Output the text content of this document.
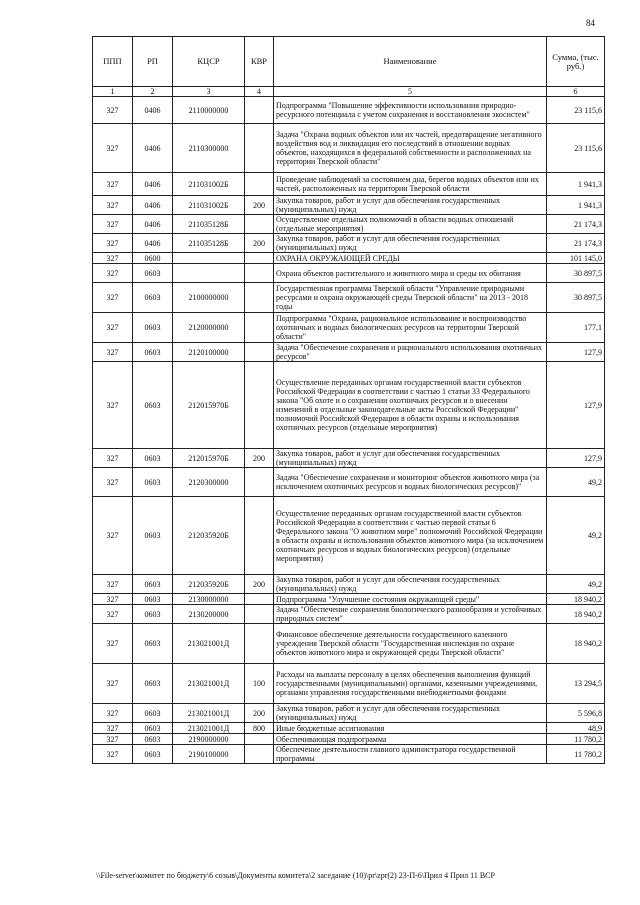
84
ППП	РП	КЦСР	КВР	Наименование	Сумма, (тыс. руб.)
1	2	3	4	5	6
327	0406	2110000000		Подпрограмма "Повышение эффективности использования природно-ресурсного потенциала с учетом сохранения и восстановления экосистем"	23 115,6
327	0406	2110300000		Задача "Охрана водных объектов или их частей, предотвращение негативного воздействия вод и ликвидация его последствий в отношении водных объектов, находящихся в федеральной собственности и расположенных на территории Тверской области"	23 115,6
327	0406	211031002Б		Проведение наблюдений за состоянием дна, берегов водных объектов или их частей, расположенных на территории Тверской области	1 941,3
327	0406	211031002Б	200	Закупка товаров, работ и услуг для обеспечения государственных (муниципальных) нужд	1 941,3
327	0406	211035128Б		Осуществление отдельных полномочий в области водных отношений (отдельные мероприятия)	21 174,3
327	0406	211035128Б	200	Закупка товаров, работ и услуг для обеспечения государственных (муниципальных) нужд	21 174,3
327	0600			ОХРАНА ОКРУЖАЮЩЕЙ СРЕДЫ	101 145,0
327	0603			Охрана объектов растительного и животного мира и среды их обитания	30 897,5
327	0603	2100000000		Государственная программа Тверской области "Управление природными ресурсами и охрана окружающей среды Тверской области" на 2013 - 2018 годы	30 897,5
327	0603	2120000000		Подпрограмма "Охрана, рациональное использование и воспроизводство охотничьих и водных биологических ресурсов на территории Тверской области"	177,1
327	0603	2120100000		Задача "Обеспечение сохранения и рационального использования охотничьих ресурсов"	127,9
327	0603	212015970Б		Осуществление переданных органам государственной власти субъектов Российской Федерации в соответствии с частью 1 статьи 33 Федерального закона "Об охоте и о сохранении охотничьих ресурсов и о внесении изменений в отдельные законодательные акты Российской Федерации" полномочий Российской Федерации в области охраны и использования охотничьих ресурсов (отдельные мероприятия)	127,9
327	0603	212015970Б	200	Закупка товаров, работ и услуг для обеспечения государственных (муниципальных) нужд	127,9
327	0603	2120300000		Задача "Обеспечение сохранения и мониторинг объектов животного мира (за исключением охотничьих ресурсов и водных биологических ресурсов)"	49,2
327	0603	212035920Б		Осуществление переданных органам государственной власти субъектов Российской Федерации в соответствии с частью первой статьи 6 Федерального закона "О животном мире" полномочий Российской Федерации в области охраны и использования объектов животного мира (за исключением охотничьих ресурсов и водных биологических ресурсов) (отдельные мероприятия)	49,2
327	0603	212035920Б	200	Закупка товаров, работ и услуг для обеспечения государственных (муниципальных) нужд	49,2
327	0603	2130000000		Подпрограмма "Улучшение состояния окружающей среды"	18 940,2
327	0603	2130200000		Задача "Обеспечение сохранения биологического разнообразия и устойчивых природных систем"	18 940,2
327	0603	213021001Д		Финансовое обеспечение деятельности государственного казенного учреждения Тверской области "Государственная инспекция по охране объектов животного мира и окружающей среды Тверской области"	18 940,2
327	0603	213021001Д	100	Расходы на выплаты персоналу в целях обеспечения выполнения функций государственными (муниципальными) органами, казенными учреждениями, органами управления государственными внебюджетными фондами	13 294,5
327	0603	213021001Д	200	Закупка товаров, работ и услуг для обеспечения государственных (муниципальных) нужд	5 596,8
327	0603	213021001Д	800	Иные бюджетные ассигнования	48,9
327	0603	2190000000		Обеспечивающая подпрограмма	11 780,2
327	0603	2190100000		Обеспечение деятельности главного администратора государственной программы	11 780,2
\\File-server\комитет по бюджету\6 созыв\Документы комитета\2 заседание (10)\pr\zpr(2) 23-П-6\Прил 4 Прил 11 ВСР
